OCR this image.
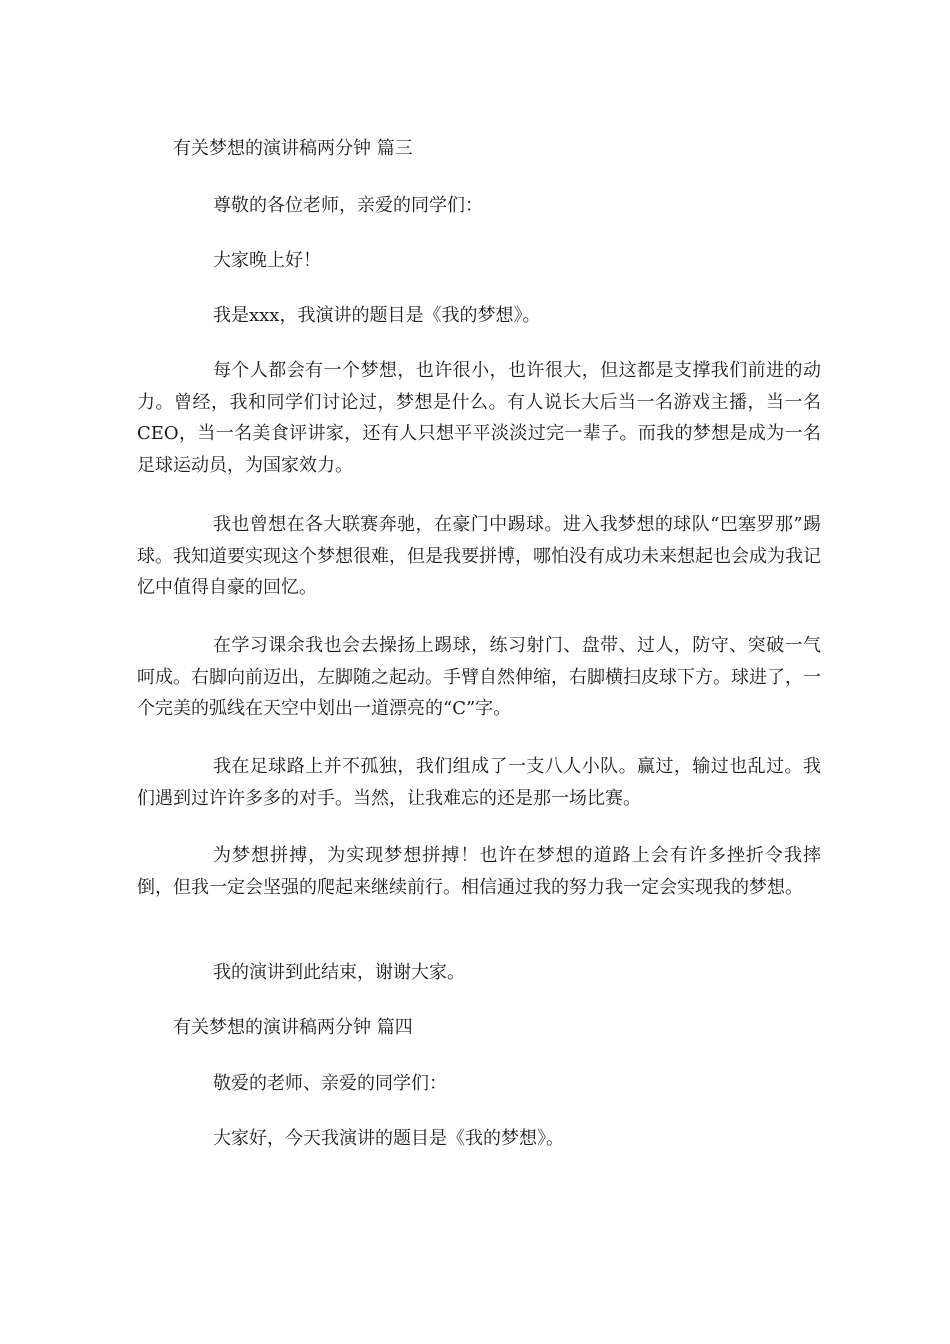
有关梦想的演讲稿两分钟 篇三
尊敬的各位老师，亲爱的同学们：
大家晚上好！
我是xxx，我演讲的题目是《我的梦想》。

每个人都会有一个梦想，也许很小，也许很大，但这都是支撑我们前进的动力。曾经，我和同学们讨论过，梦想是什么。有人说长大后当一名游戏主播，当一名CEO，当一名美食评讲家，还有人只想平平淡淡过完一辈子。而我的梦想是成为一名足球运动员，为国家效力。

我也曾想在各大联赛奔驰，在豪门中踢球。进入我梦想的球队“巴塞罗那”踢球。我知道要实现这个梦想很难，但是我要拼博，哪怕没有成功未来想起也会成为我记忆中值得自豪的回忆。

在学习课余我也会去操扬上踢球，练习射门、盘带、过人，防守、突破一气呵成。右脚向前迈出，左脚随之起动。手臂自然伸缩，右脚横扫皮球下方。球进了，一个完美的弧线在天空中划出一道漂亮的“C”字。

我在足球路上并不孤独，我们组成了一支八人小队。赢过，输过也乱过。我们遇到过许许多多的对手。当然，让我难忘的还是那一场比赛。

为梦想拼搏，为实现梦想拼搏！也许在梦想的道路上会有许多挫折令我摔倒，但我一定会坚强的爬起来继续前行。相信通过我的努力我一定会实现我的梦想。

我的演讲到此结束，谢谢大家。
有关梦想的演讲稿两分钟 篇四
敬爱的老师、亲爱的同学们：
大家好，今天我演讲的题目是《我的梦想》。
